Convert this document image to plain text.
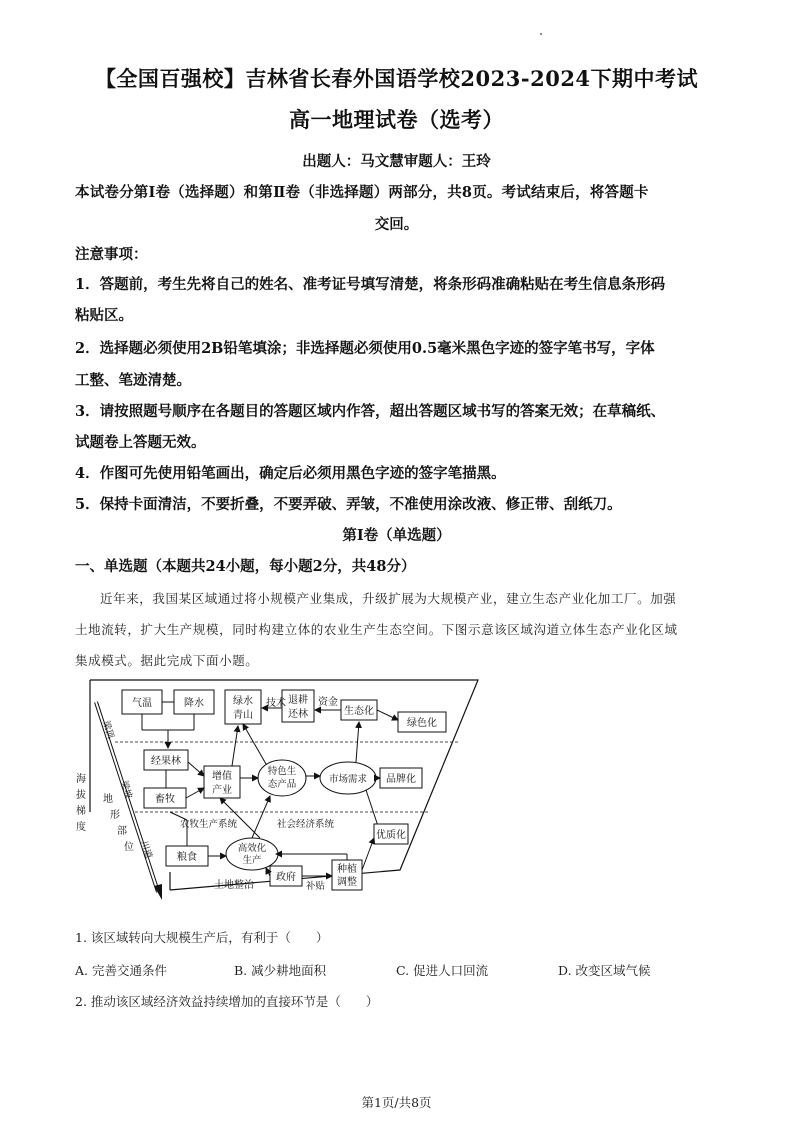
【全国百强校】吉林省长春外国语学校2023-2024下期中考试
高一地理试卷（选考）
出题人：马文慧审题人：王玲
本试卷分第Ⅰ卷（选择题）和第Ⅱ卷（非选择题）两部分，共8页。考试结束后，将答题卡
交回。
注意事项：
1．答题前，考生先将自己的姓名、准考证号填写清楚，将条形码准确粘贴在考生信息条形码
粘贴区。
2．选择题必须使用2B铅笔填涂；非选择题必须使用0.5毫米黑色字迹的签字笔书写，字体
工整、笔迹清楚。
3．请按照题号顺序在各题目的答题区域内作答，超出答题区域书写的答案无效；在草稿纸、
试题卷上答题无效。
4．作图可先使用铅笔画出，确定后必须用黑色字迹的签字笔描黑。
5．保持卡面清洁，不要折叠，不要弄破、弄皱，不准使用涂改液、修正带、刮纸刀。
第Ⅰ卷（单选题）
一、单选题（本题共24小题，每小题2分，共48分）
近年来，我国某区域通过将小规模产业集成，升级扩展为大规模产业，建立生态产业化加工厂。加强
土地流转，扩大生产规模，同时构建立体的农业生产生态空间。下图示意该区域沟道立体生态产业化区域
集成模式。据此完成下面小题。
梁顶
梁坡
川道
海
拔
梯
度
地
形
部
位
气温	降水	绿水
青山
退耕
还林	生态化
绿色化
技术	资金
经果林
增值
产业
畜牧
特色生
态产品	市场需求 品牌化
优质化
农牧生产系统	社会经济系统
粮食
高效化
生产
政府
种植
调整
土地整治	补贴
1. 该区域转向大规模生产后，有利于（　　）
A. 完善交通条件	B. 减少耕地面积	C. 促进人口回流	D. 改变区域气候
2. 推动该区域经济效益持续增加的直接环节是（　　）
第1页/共8页
